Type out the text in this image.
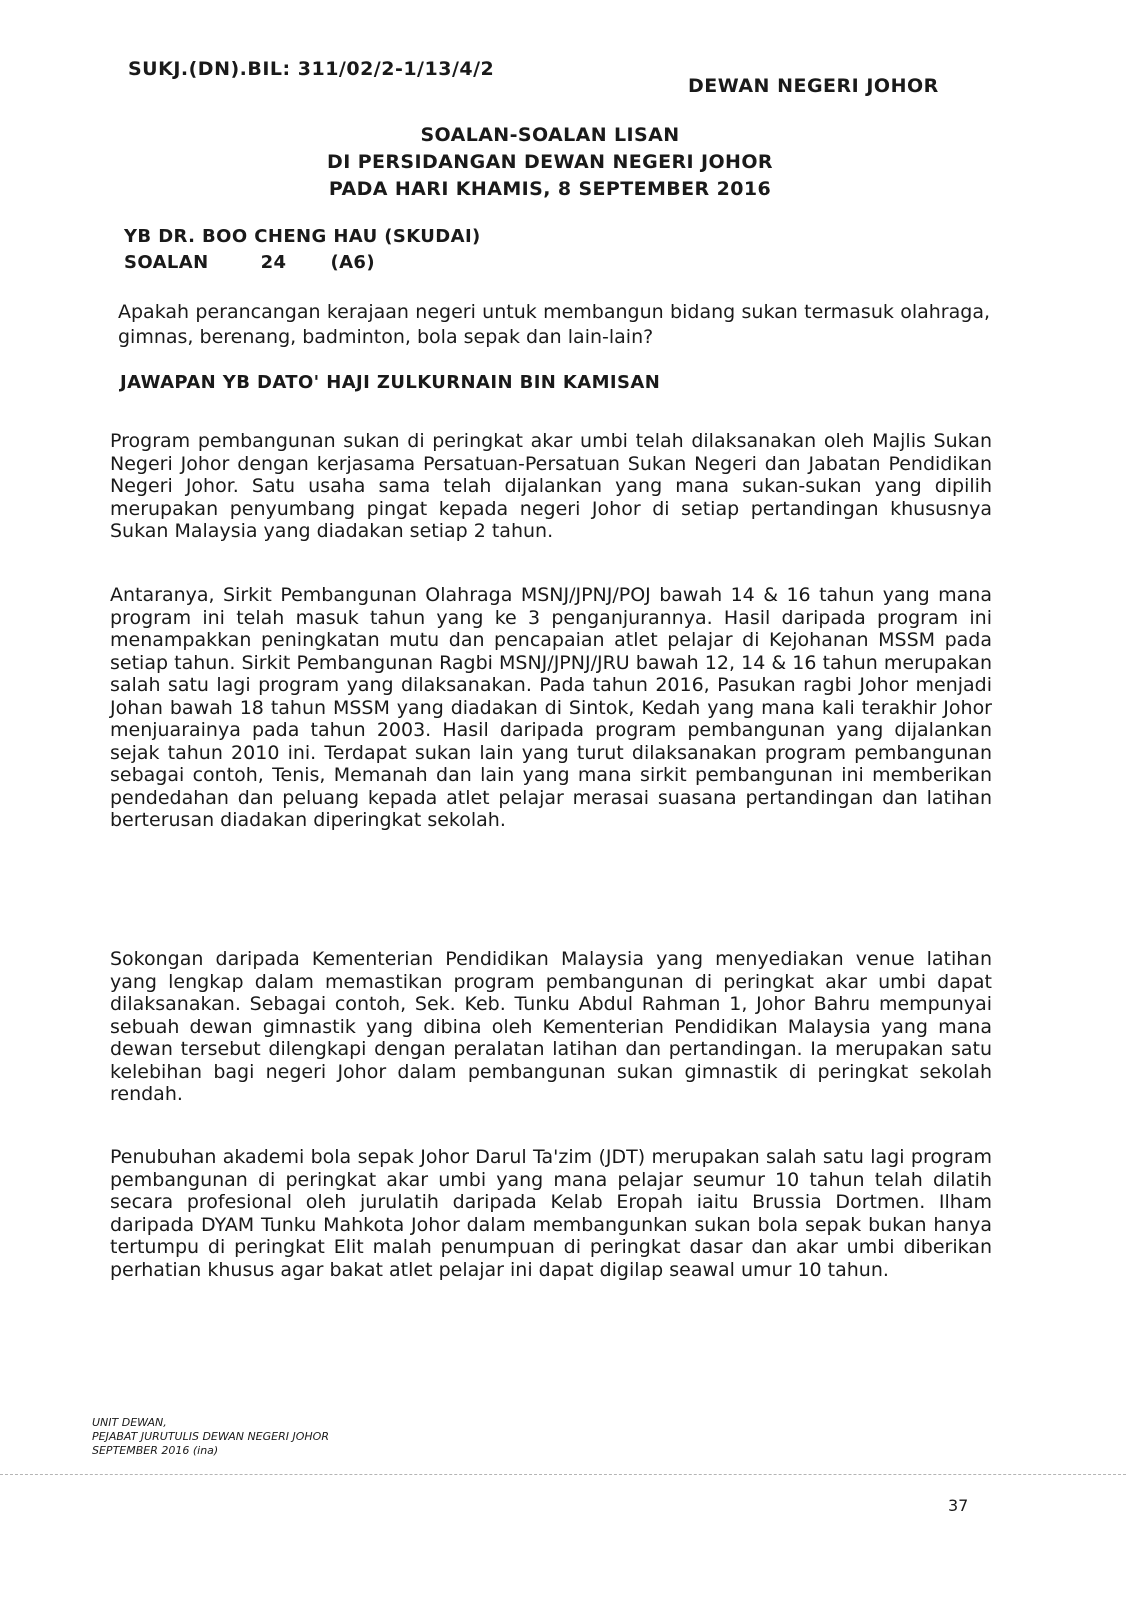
SUKJ.(DN).BIL: 311/02/2-1/13/4/2
DEWAN NEGERI JOHOR
SOALAN-SOALAN LISAN
DI PERSIDANGAN DEWAN NEGERI JOHOR
PADA HARI KHAMIS, 8 SEPTEMBER 2016
YB DR. BOO CHENG HAU (SKUDAI)
SOALAN	24 (A6)
Apakah perancangan kerajaan negeri untuk membangun bidang sukan termasuk olahraga, gimnas, berenang, badminton, bola sepak dan lain-lain?
JAWAPAN YB DATO' HAJI ZULKURNAIN BIN KAMISAN
Program pembangunan sukan di peringkat akar umbi telah dilaksanakan oleh Majlis Sukan Negeri Johor dengan kerjasama Persatuan-Persatuan Sukan Negeri dan Jabatan Pendidikan Negeri Johor. Satu usaha sama telah dijalankan yang mana sukan-sukan yang dipilih merupakan penyumbang pingat kepada negeri Johor di setiap pertandingan khususnya Sukan Malaysia yang diadakan setiap 2 tahun.
Antaranya, Sirkit Pembangunan Olahraga MSNJ/JPNJ/POJ bawah 14 & 16 tahun yang mana program ini telah masuk tahun yang ke 3 penganjurannya. Hasil daripada program ini menampakkan peningkatan mutu dan pencapaian atlet pelajar di Kejohanan MSSM pada setiap tahun. Sirkit Pembangunan Ragbi MSNJ/JPNJ/JRU bawah 12, 14 & 16 tahun merupakan salah satu lagi program yang dilaksanakan. Pada tahun 2016, Pasukan ragbi Johor menjadi Johan bawah 18 tahun MSSM yang diadakan di Sintok, Kedah yang mana kali terakhir Johor menjuarainya pada tahun 2003. Hasil daripada program pembangunan yang dijalankan sejak tahun 2010 ini. Terdapat sukan lain yang turut dilaksanakan program pembangunan sebagai contoh, Tenis, Memanah dan lain yang mana sirkit pembangunan ini memberikan pendedahan dan peluang kepada atlet pelajar merasai suasana pertandingan dan latihan berterusan diadakan diperingkat sekolah.
Sokongan daripada Kementerian Pendidikan Malaysia yang menyediakan venue latihan yang lengkap dalam memastikan program pembangunan di peringkat akar umbi dapat dilaksanakan. Sebagai contoh, Sek. Keb. Tunku Abdul Rahman 1, Johor Bahru mempunyai sebuah dewan gimnastik yang dibina oleh Kementerian Pendidikan Malaysia yang mana dewan tersebut dilengkapi dengan peralatan latihan dan pertandingan. Ia merupakan satu kelebihan bagi negeri Johor dalam pembangunan sukan gimnastik di peringkat sekolah rendah.
Penubuhan akademi bola sepak Johor Darul Ta'zim (JDT) merupakan salah satu lagi program pembangunan di peringkat akar umbi yang mana pelajar seumur 10 tahun telah dilatih secara profesional oleh jurulatih daripada Kelab Eropah iaitu Brussia Dortmen. Ilham daripada DYAM Tunku Mahkota Johor dalam membangunkan sukan bola sepak bukan hanya tertumpu di peringkat Elit malah penumpuan di peringkat dasar dan akar umbi diberikan perhatian khusus agar bakat atlet pelajar ini dapat digilap seawal umur 10 tahun.
UNIT DEWAN,
PEJABAT JURUTULIS DEWAN NEGERI JOHOR
SEPTEMBER 2016 (ina)
37
